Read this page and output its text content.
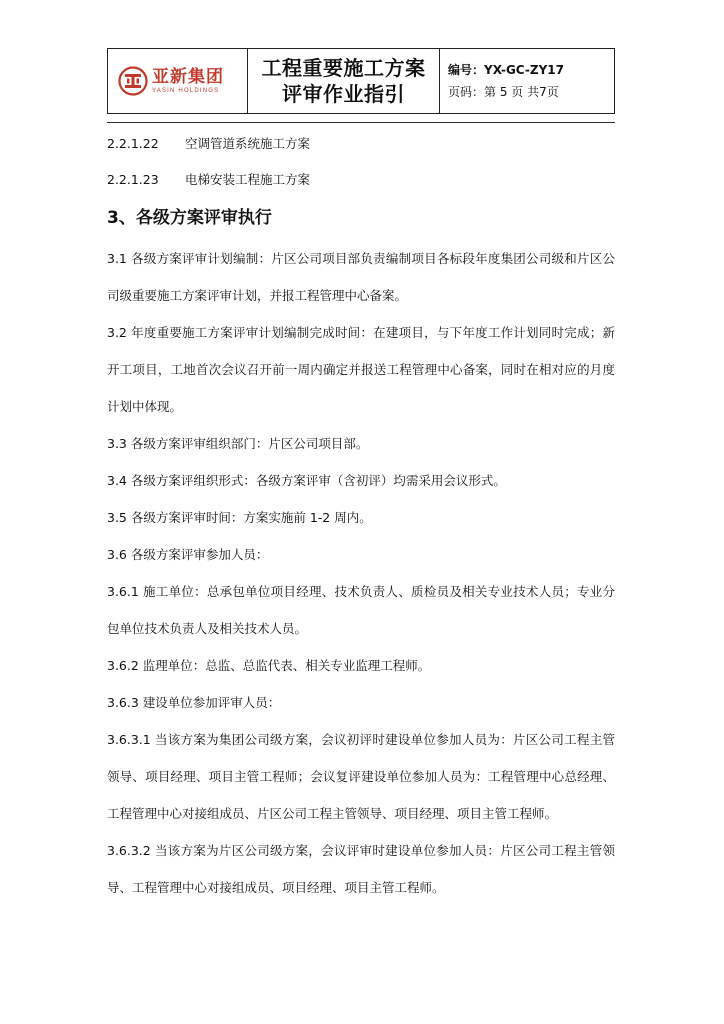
亚新集团
YASIN HOLDINGS
工程重要施工方案
评审作业指引
编号：YX-GC-ZY17
页码：第 5 页 共7页
2.2.1.22 空调管道系统施工方案
2.2.1.23 电梯安装工程施工方案
3、各级方案评审执行

3.1 各级方案评审计划编制：片区公司项目部负责编制项目各标段年度集团公司级和片区公司级重要施工方案评审计划，并报工程管理中心备案。

3.2 年度重要施工方案评审计划编制完成时间：在建项目，与下年度工作计划同时完成；新开工项目，工地首次会议召开前一周内确定并报送工程管理中心备案，同时在相对应的月度计划中体现。

3.3 各级方案评审组织部门：片区公司项目部。

3.4 各级方案评组织形式：各级方案评审（含初评）均需采用会议形式。

3.5 各级方案评审时间：方案实施前 1-2 周内。

3.6 各级方案评审参加人员：

3.6.1 施工单位：总承包单位项目经理、技术负责人、质检员及相关专业技术人员；专业分包单位技术负责人及相关技术人员。

3.6.2 监理单位：总监、总监代表、相关专业监理工程师。

3.6.3 建设单位参加评审人员：

3.6.3.1 当该方案为集团公司级方案，会议初评时建设单位参加人员为：片区公司工程主管领导、项目经理、项目主管工程师；会议复评建设单位参加人员为：工程管理中心总经理、工程管理中心对接组成员、片区公司工程主管领导、项目经理、项目主管工程师。

3.6.3.2 当该方案为片区公司级方案，会议评审时建设单位参加人员：片区公司工程主管领导、工程管理中心对接组成员、项目经理、项目主管工程师。
